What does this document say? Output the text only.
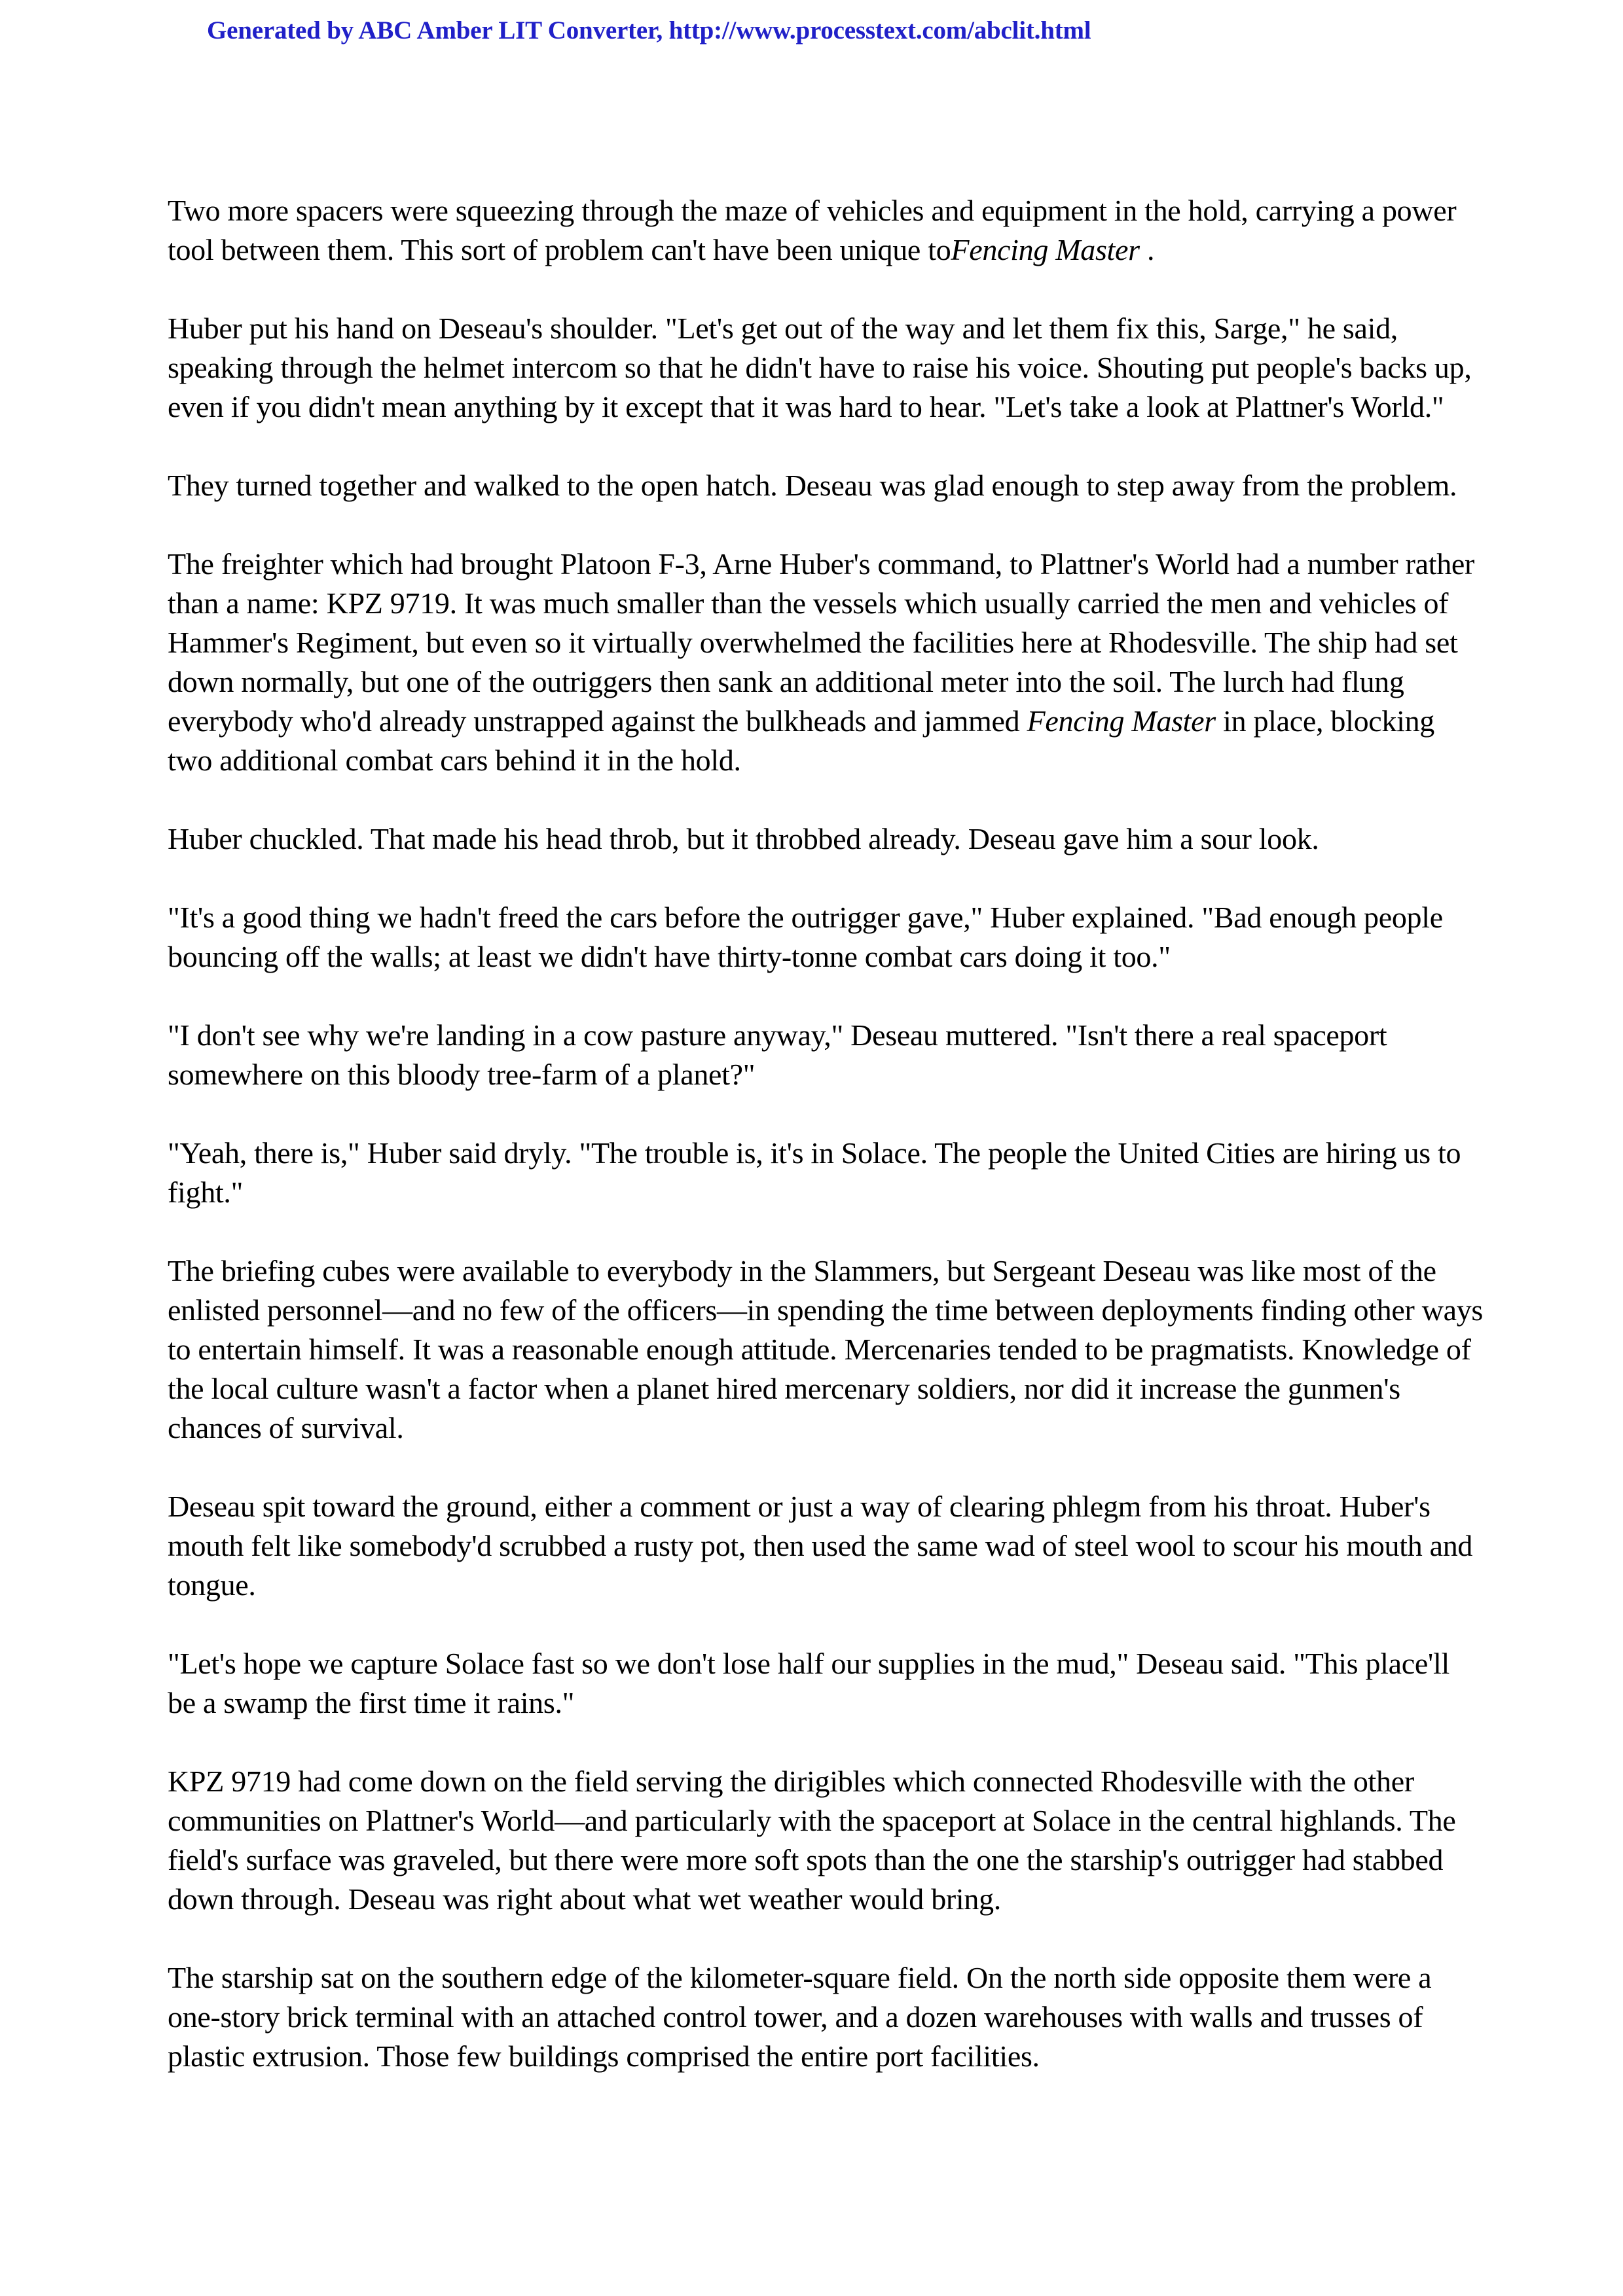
Generated by ABC Amber LIT Converter, http://www.processtext.com/abclit.html

Two more spacers were squeezing through the maze of vehicles and equipment in the hold, carrying a power tool between them. This sort of problem can't have been unique toFencing Master .

Huber put his hand on Deseau's shoulder. "Let's get out of the way and let them fix this, Sarge," he said, speaking through the helmet intercom so that he didn't have to raise his voice. Shouting put people's backs up, even if you didn't mean anything by it except that it was hard to hear. "Let's take a look at Plattner's World."

They turned together and walked to the open hatch. Deseau was glad enough to step away from the problem.

The freighter which had brought Platoon F-3, Arne Huber's command, to Plattner's World had a number rather than a name: KPZ 9719. It was much smaller than the vessels which usually carried the men and vehicles of Hammer's Regiment, but even so it virtually overwhelmed the facilities here at Rhodesville. The ship had set down normally, but one of the outriggers then sank an additional meter into the soil. The lurch had flung everybody who'd already unstrapped against the bulkheads and jammed Fencing Master in place, blocking two additional combat cars behind it in the hold.

Huber chuckled. That made his head throb, but it throbbed already. Deseau gave him a sour look.

"It's a good thing we hadn't freed the cars before the outrigger gave," Huber explained. "Bad enough people bouncing off the walls; at least we didn't have thirty-tonne combat cars doing it too."

"I don't see why we're landing in a cow pasture anyway," Deseau muttered. "Isn't there a real spaceport somewhere on this bloody tree-farm of a planet?"

"Yeah, there is," Huber said dryly. "The trouble is, it's in Solace. The people the United Cities are hiring us to fight."

The briefing cubes were available to everybody in the Slammers, but Sergeant Deseau was like most of the enlisted personnel—and no few of the officers—in spending the time between deployments finding other ways to entertain himself. It was a reasonable enough attitude. Mercenaries tended to be pragmatists. Knowledge of the local culture wasn't a factor when a planet hired mercenary soldiers, nor did it increase the gunmen's chances of survival.

Deseau spit toward the ground, either a comment or just a way of clearing phlegm from his throat. Huber's mouth felt like somebody'd scrubbed a rusty pot, then used the same wad of steel wool to scour his mouth and tongue.

"Let's hope we capture Solace fast so we don't lose half our supplies in the mud," Deseau said. "This place'll be a swamp the first time it rains."

KPZ 9719 had come down on the field serving the dirigibles which connected Rhodesville with the other communities on Plattner's World—and particularly with the spaceport at Solace in the central highlands. The field's surface was graveled, but there were more soft spots than the one the starship's outrigger had stabbed down through. Deseau was right about what wet weather would bring.

The starship sat on the southern edge of the kilometer-square field. On the north side opposite them were a one-story brick terminal with an attached control tower, and a dozen warehouses with walls and trusses of plastic extrusion. Those few buildings comprised the entire port facilities.
